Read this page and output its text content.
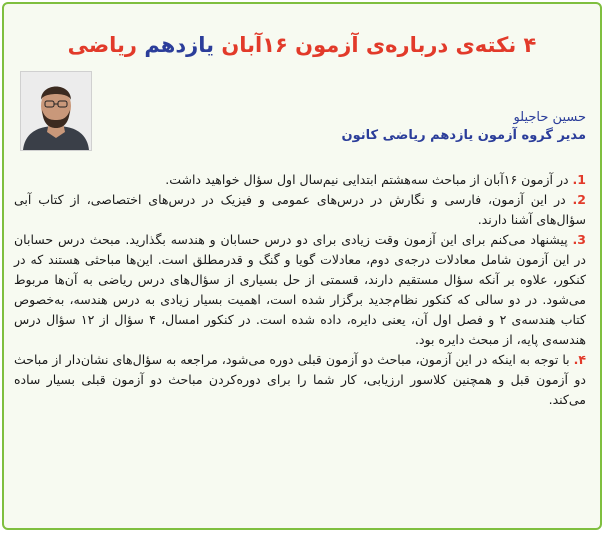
۴ نکته‌ی درباره‌ی آزمون ۱۶آبان یازدهم ریاضی
حسین حاجیلو
مدیر گروه آزمون یازدهم ریاضی کانون

1. در آزمون ۱۶آبان از مباحث سه‌هشتم ابتدایی نیم‌سال اول سؤال خواهید داشت.

2. در این آزمون، فارسی و نگارش در درس‌های عمومی و فیزیک در درس‌های اختصاصی، از کتاب آبی سؤال‌های آشنا دارند.

3. پیشنهاد می‌کنم برای این آزمون وقت زیادی برای دو درس حسابان و هندسه بگذارید. مبحث درس حسابان در این آزمون شامل معادلات درجه‌ی دوم، معادلات گویا و گنگ و قدرمطلق است. این‌ها مباحثی هستند که در کنکور، علاوه بر آنکه سؤال مستقیم دارند، قسمتی از حل بسیاری از سؤال‌های درس ریاضی به آن‌ها مربوط می‌شود. در دو سالی که کنکور نظام‌جدید برگزار شده است، اهمیت بسیار زیادی به درس هندسه، به‌خصوص کتاب هندسه‌ی ۲ و فصل اول آن، یعنی دایره، داده شده است. در کنکور امسال، ۴ سؤال از ۱۲ سؤال درس هندسه‌ی پایه، از مبحث دایره بود.

۴. با توجه به اینکه در این آزمون، مباحث دو آزمون قبلی دوره می‌شود، مراجعه به سؤال‌های نشان‌دار از مباحث دو آزمون قبل و همچنین کلاسور ارزیابی، کار شما را برای دوره‌کردن مباحث دو آزمون قبلی بسیار ساده می‌کند.
